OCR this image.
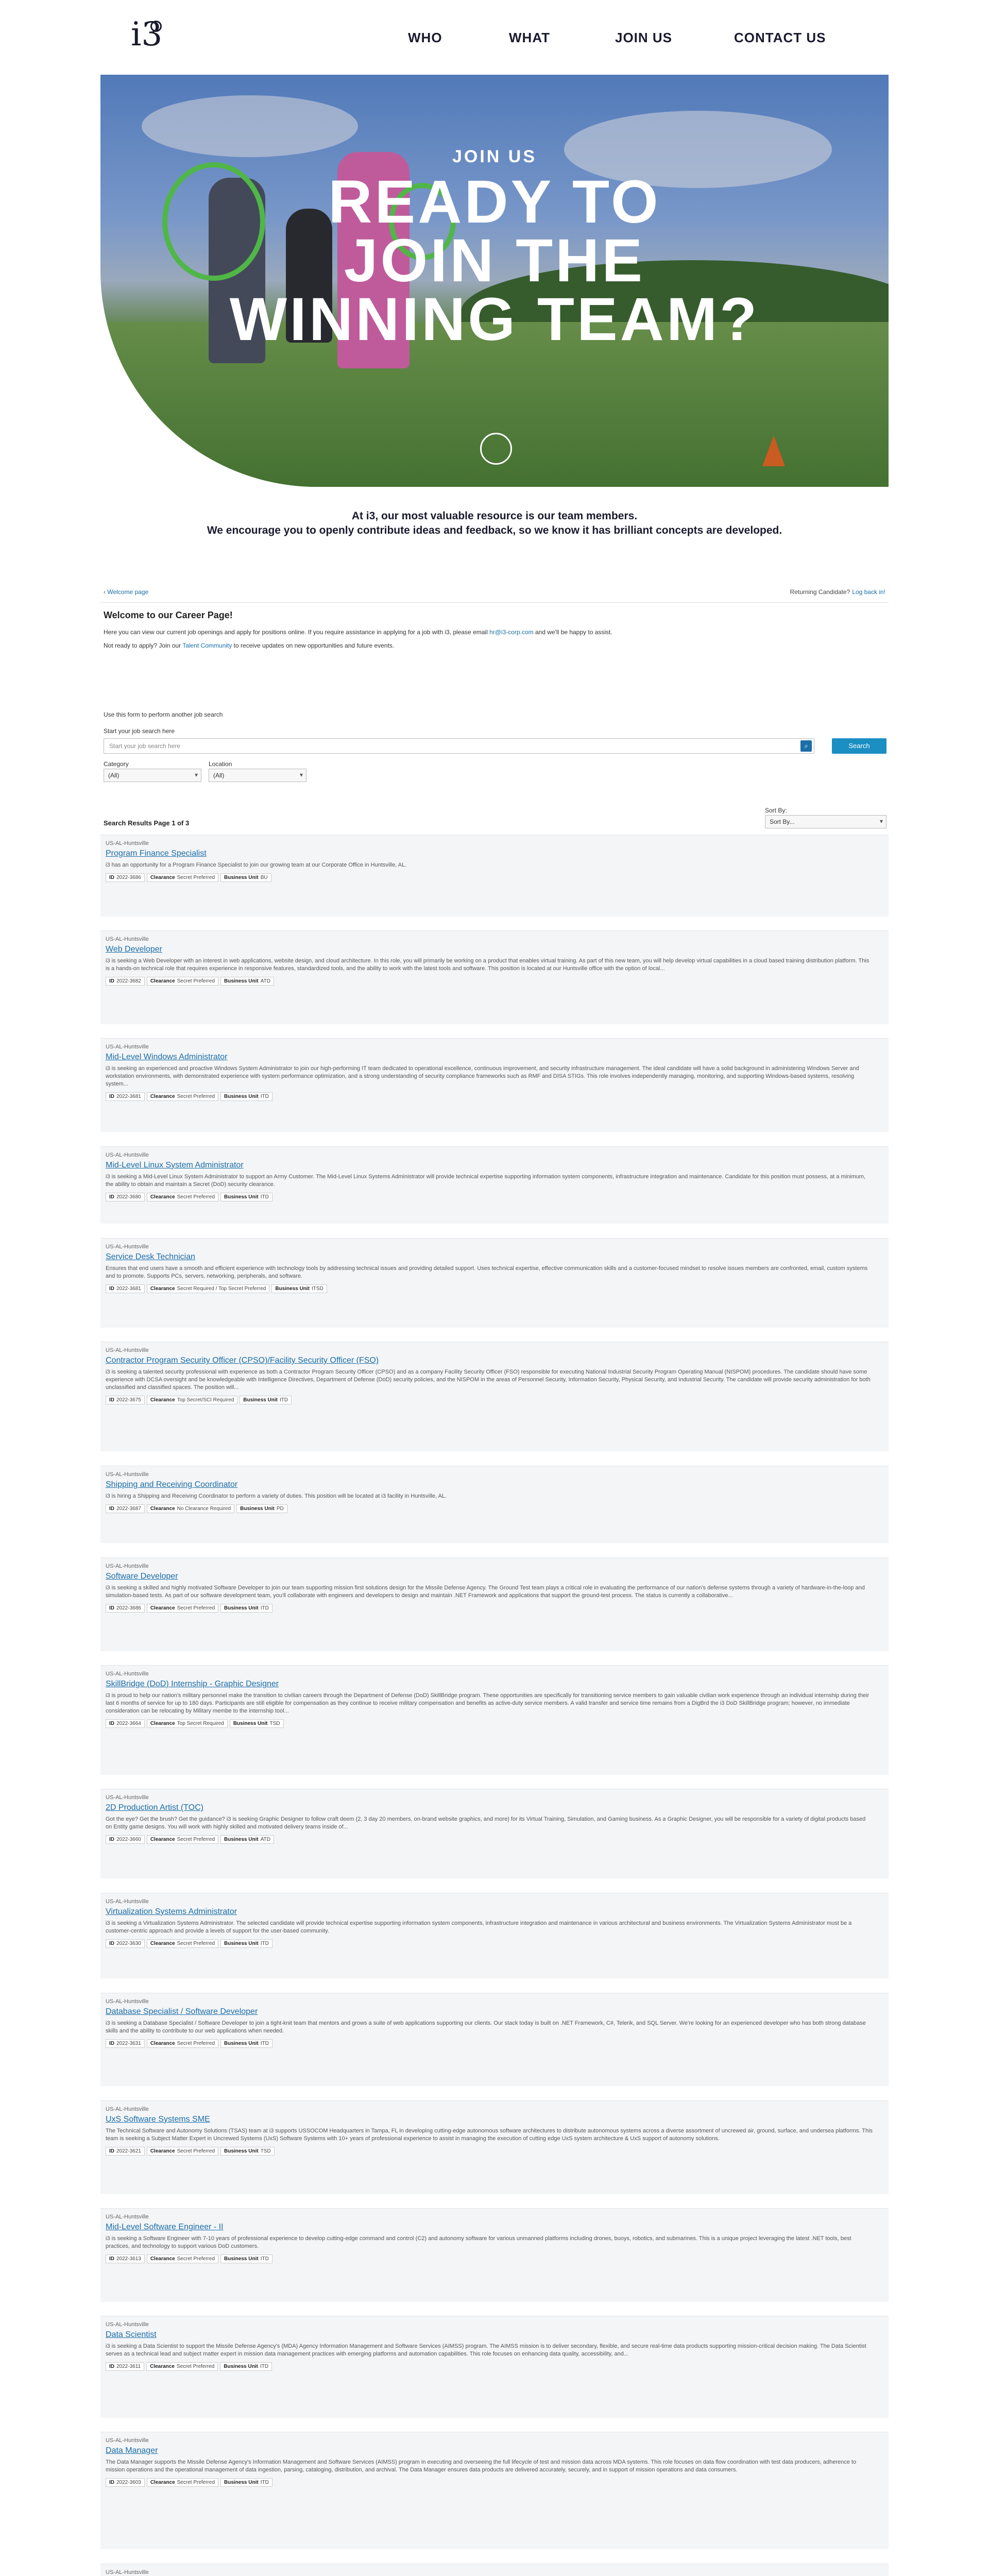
i3	WHO	WHAT	JOIN US	CONTACT US
JOIN US
READY TO
JOIN THE
WINNING TEAM?
At i3, our most valuable resource is our team members.
We encourage you to openly contribute ideas and feedback, so we know it has brilliant concepts are developed.
‹ Welcome page	Returning Candidate? Log back in!
Welcome to our Career Page!
Here you can view our current job openings and apply for positions online. If you require assistance in applying for a job with i3, please email hr@i3-corp.com and we'll be happy to assist.
Not ready to apply? Join our Talent Community to receive updates on new opportunities and future events.
Use this form to perform another job search
Start your job search here
Start your job search here	⌕	Search
Category
(All) ▾
Location
(All) ▾
Search Results Page 1 of 3
Sort By:
Sort By... ▾
US-AL-Huntsville
Program Finance Specialist
i3 has an opportunity for a Program Finance Specialist to join our growing team at our Corporate Office in Huntsville, AL.
ID 2022-3686 Clearance Secret Preferred Business Unit BU
US-AL-Huntsville
Web Developer
i3 is seeking a Web Developer with an interest in web applications, website design, and cloud architecture. In this role, you will primarily be working on a product that enables virtual training. As part of this new team, you will help develop virtual capabilities in a cloud based training distribution platform. This is a hands-on technical role that requires experience in responsive features, standardized tools, and the ability to work with the latest tools and software. This position is located at our Huntsville office with the option of local...
ID 2022-3682 Clearance Secret Preferred Business Unit ATD
US-AL-Huntsville
Mid-Level Windows Administrator
i3 is seeking an experienced and proactive Windows System Administrator to join our high-performing IT team dedicated to operational excellence, continuous improvement, and security infrastructure management. The ideal candidate will have a solid background in administering Windows Server and workstation environments, with demonstrated experience with system performance optimization, and a strong understanding of security compliance frameworks such as RMF and DISA STIGs. This role involves independently managing, monitoring, and supporting Windows-based systems, resolving system...
ID 2022-3681 Clearance Secret Preferred Business Unit ITD
US-AL-Huntsville
Mid-Level Linux System Administrator
i3 is seeking a Mid-Level Linux System Administrator to support an Army Customer. The Mid-Level Linux Systems Administrator will provide technical expertise supporting information system components, infrastructure integration and maintenance. Candidate for this position must possess, at a minimum, the ability to obtain and maintain a Secret (DoD) security clearance.
ID 2022-3680 Clearance Secret Preferred Business Unit ITD
US-AL-Huntsville
Service Desk Technician
Ensures that end users have a smooth and efficient experience with technology tools by addressing technical issues and providing detailed support. Uses technical expertise, effective communication skills and a customer-focused mindset to resolve issues members are confronted, email, custom systems and to promote. Supports PCs, servers, networking, peripherals, and software.
ID 2022-3681 Clearance Secret Required / Top Secret Preferred Business Unit ITSD
US-AL-Huntsville
Contractor Program Security Officer (CPSO)/Facility Security Officer (FSO)
i3 is seeking a talented security professional with experience as both a Contractor Program Security Officer (CPSO) and as a company Facility Security Officer (FSO) responsible for executing National Industrial Security Program Operating Manual (NISPOM) procedures. The candidate should have some experience with DCSA oversight and be knowledgeable with Intelligence Directives, Department of Defense (DoD) security policies, and the NISPOM in the areas of Personnel Security, Information Security, Physical Security, and Industrial Security. The candidate will provide security administration for both unclassified and classified spaces. The position will...
ID 2022-3675 Clearance Top Secret/SCI Required Business Unit ITD
US-AL-Huntsville
Shipping and Receiving Coordinator
i3 is hiring a Shipping and Receiving Coordinator to perform a variety of duties. This position will be located at i3 facility in Huntsville, AL.
ID 2022-3687 Clearance No Clearance Required Business Unit PD
US-AL-Huntsville
Software Developer
i3 is seeking a skilled and highly motivated Software Developer to join our team supporting mission first solutions design for the Missile Defense Agency. The Ground Test team plays a critical role in evaluating the performance of our nation's defense systems through a variety of hardware-in-the-loop and simulation-based tests. As part of our software development team, you'll collaborate with engineers and developers to design and maintain .NET Framework and applications that support the ground-test process. The status is currently a collaborative...
ID 2022-3686 Clearance Secret Preferred Business Unit ITD
US-AL-Huntsville
SkillBridge (DoD) Internship - Graphic Designer
i3 is proud to help our nation's military personnel make the transition to civilian careers through the Department of Defense (DoD) SkillBridge program. These opportunities are specifically for transitioning service members to gain valuable civilian work experience through an individual internship during their last 6 months of service for up to 180 days. Participants are still eligible for compensation as they continue to receive military compensation and benefits as active-duty service members. A valid transfer and service time remains from a DigBrd the i3 DoD SkillBridge program; however, no immediate consideration can be relocating by Military membe to the internship tool...
ID 2022-3664 Clearance Top Secret Required Business Unit TSD
US-AL-Huntsville
2D Production Artist (TOC)
Got the eye? Get the brush? Get the guidance? i3 is seeking Graphic Designer to follow craft deem (2, 3 day 20 members, on-brand website graphics, and more) for its Virtual Training, Simulation, and Gaming business. As a Graphic Designer, you will be responsible for a variety of digital products based on Entity game designs. You will work with highly skilled and motivated delivery teams inside of...
ID 2022-3660 Clearance Secret Preferred Business Unit ATD
US-AL-Huntsville
Virtualization Systems Administrator
i3 is seeking a Virtualization Systems Administrator. The selected candidate will provide technical expertise supporting information system components, infrastructure integration and maintenance in various architectural and business environments. The Virtualization Systems Administrator must be a customer-centric approach and provide a levels of support for the user-based community.
ID 2022-3630 Clearance Secret Preferred Business Unit ITD
US-AL-Huntsville
Database Specialist / Software Developer
i3 is seeking a Database Specialist / Software Developer to join a tight-knit team that mentors and grows a suite of web applications supporting our clients. Our stack today is built on .NET Framework, C#, Telerik, and SQL Server. We're looking for an experienced developer who has both strong database skills and the ability to contribute to our web applications when needed.
ID 2022-3631 Clearance Secret Preferred Business Unit ITD
US-AL-Huntsville
UxS Software Systems SME
The Technical Software and Autonomy Solutions (TSAS) team at i3 supports USSOCOM Headquarters in Tampa, FL in developing cutting-edge autonomous software architectures to distribute autonomous systems across a diverse assortment of uncrewed air, ground, surface, and undersea platforms. This team is seeking a Subject Matter Expert in Uncrewed Systems (UxS) Software Systems with 10+ years of professional experience to assist in managing the execution of cutting edge UxS system architecture & UxS support of autonomy solutions.
ID 2022-3621 Clearance Secret Preferred Business Unit TSD
US-AL-Huntsville
Mid-Level Software Engineer - II
i3 is seeking a Software Engineer with 7-10 years of professional experience to develop cutting-edge command and control (C2) and autonomy software for various unmanned platforms including drones, buoys, robotics, and submarines. This is a unique project leveraging the latest .NET tools, best practices, and technology to support various DoD customers.
ID 2022-3613 Clearance Secret Preferred Business Unit ITD
US-AL-Huntsville
Data Scientist
i3 is seeking a Data Scientist to support the Missile Defense Agency's (MDA) Agency Information Management and Software Services (AIMSS) program. The AIMSS mission is to deliver secondary, flexible, and secure real-time data products supporting mission-critical decision making. The Data Scientist serves as a technical lead and subject matter expert in mission data management practices with emerging platforms and automation capabilities. This role focuses on enhancing data quality, accessibility, and...
ID 2022-3611 Clearance Secret Preferred Business Unit ITD
US-AL-Huntsville
Data Manager
The Data Manager supports the Missile Defense Agency's Information Management and Software Services (AIMSS) program in executing and overseeing the full lifecycle of test and mission data across MDA systems. This role focuses on data flow coordination with test data producers, adherence to mission operations and the operational management of data ingestion, parsing, cataloging, distribution, and archival. The Data Manager ensures data products are delivered accurately, securely, and in support of mission operations and data consumers.
ID 2022-3603 Clearance Secret Preferred Business Unit ITD
US-AL-Huntsville
